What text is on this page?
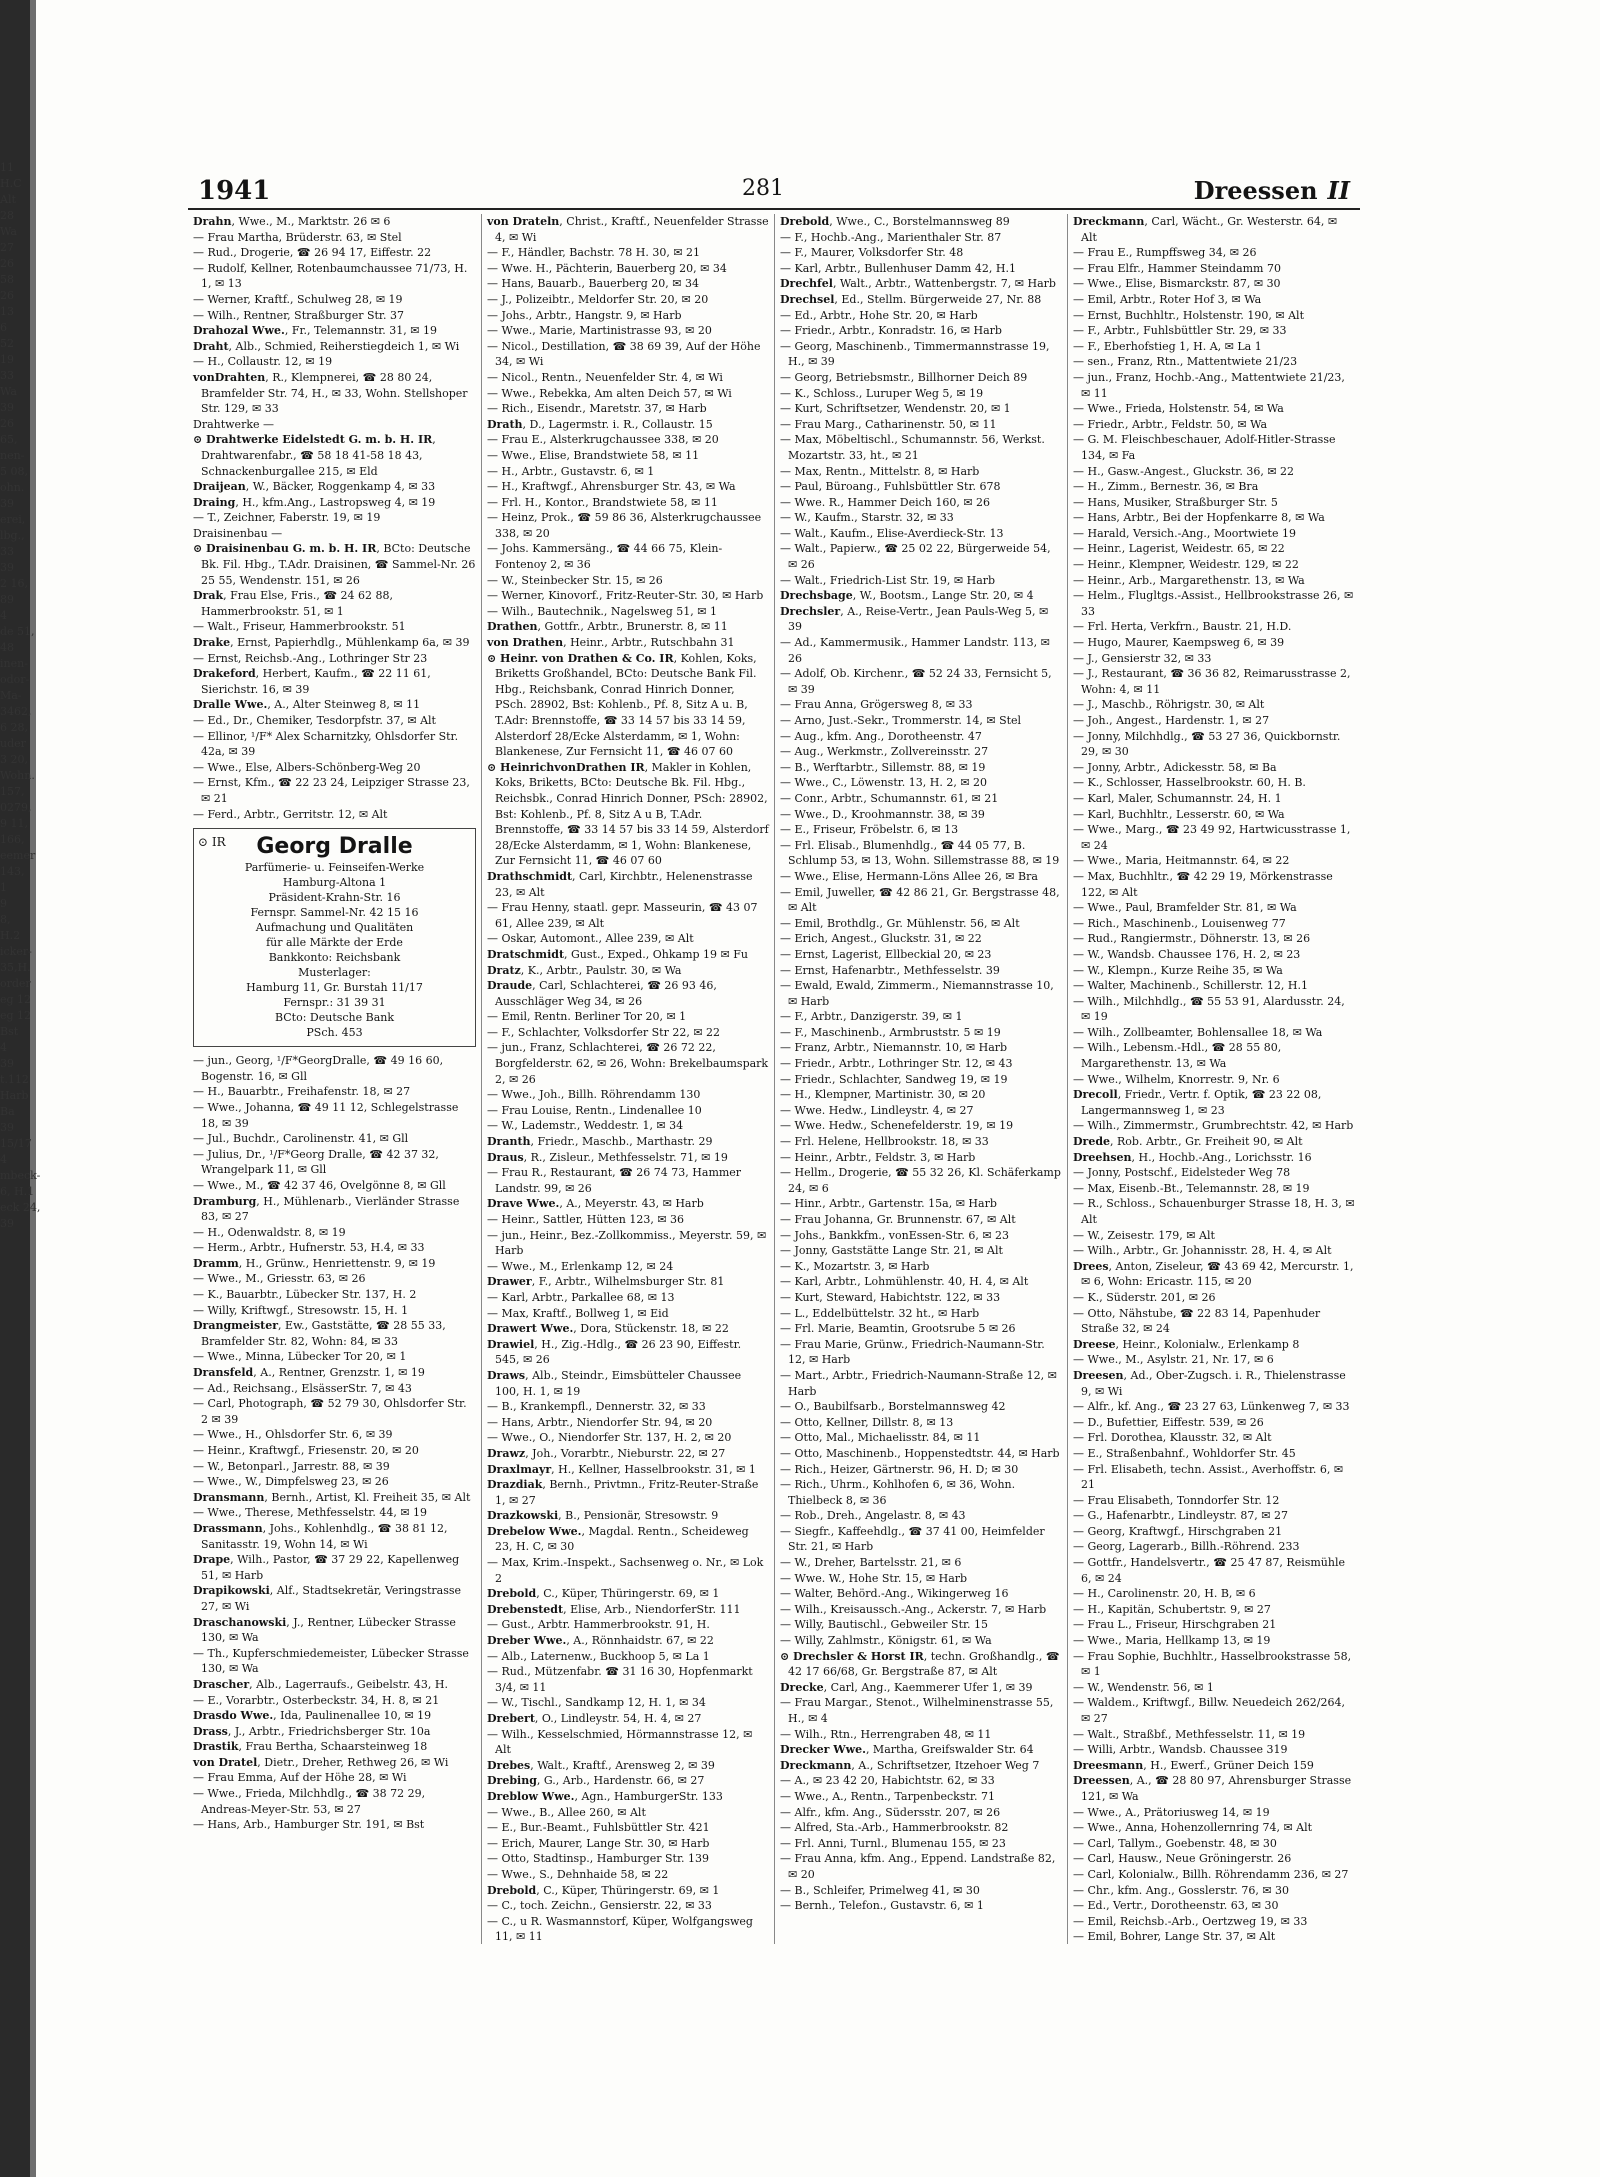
11
H.C
Alt
28
Wa
27
26
58
26
13
6
52
19
33
Wa
39
26
65,
nen-
5 08,
ohn.
39
erei,
lbg.,
33
39
2 16,
89
4
de 51,
48
inen-
odor-
Ma-
3462,
6 28,
uder
3 20,
Wohn.
157,
0279,
9 11,
166,
eemer
143,
1
9
8,
H.2
icker-
35,H.
order
eg 12
eg 12
Bst
4
39
t.112
Harb
Ba
39
15/17
4
mbeck-
6, H.1
eck 24,
39
1941	281	Dreessen II

Drahn, Wwe., M., Marktstr. 26 ✉ 6

— Frau Martha, Brüderstr. 63, ✉ Stel

— Rud., Drogerie, ☎ 26 94 17, Eiffestr. 22

— Rudolf, Kellner, Rotenbaumchaussee 71/73, H. 1, ✉ 13

— Werner, Kraftf., Schulweg 28, ✉ 19

— Wilh., Rentner, Straßburger Str. 37

Drahozal Wwe., Fr., Telemannstr. 31, ✉ 19

Draht, Alb., Schmied, Reiherstiegdeich 1, ✉ Wi

— H., Collaustr. 12, ✉ 19

vonDrahten, R., Klempnerei, ☎ 28 80 24, Bramfelder Str. 74, H., ✉ 33, Wohn. Stellshoper Str. 129, ✉ 33

Drahtwerke —

⊙ Drahtwerke Eidelstedt G. m. b. H. IR, Drahtwarenfabr., ☎ 58 18 41-58 18 43, Schnackenburgallee 215, ✉ Eld

Draijean, W., Bäcker, Roggenkamp 4, ✉ 33

Draing, H., kfm.Ang., Lastropsweg 4, ✉ 19

— T., Zeichner, Faberstr. 19, ✉ 19

Draisinenbau —

⊙ Draisinenbau G. m. b. H. IR, BCto: Deutsche Bk. Fil. Hbg., T.Adr. Draisinen, ☎ Sammel-Nr. 26 25 55, Wendenstr. 151, ✉ 26

Drak, Frau Else, Fris., ☎ 24 62 88, Hammerbrookstr. 51, ✉ 1

— Walt., Friseur, Hammerbrookstr. 51

Drake, Ernst, Papierhdlg., Mühlenkamp 6a, ✉ 39

— Ernst, Reichsb.-Ang., Lothringer Str 23

Drakeford, Herbert, Kaufm., ☎ 22 11 61, Sierichstr. 16, ✉ 39

Dralle Wwe., A., Alter Steinweg 8, ✉ 11

— Ed., Dr., Chemiker, Tesdorpfstr. 37, ✉ Alt

— Ellinor, ¹/F* Alex Scharnitzky, Ohlsdorfer Str. 42a, ✉ 39

— Wwe., Else, Albers-Schönberg-Weg 20

— Ernst, Kfm., ☎ 22 23 24, Leipziger Strasse 23, ✉ 21

— Ferd., Arbtr., Gerritstr. 12, ✉ Alt

⊙ IR	Georg Dralle
Parfümerie- u. Feinseifen-Werke
Hamburg-Altona 1
Präsident-Krahn-Str. 16
Fernspr. Sammel-Nr. 42 15 16
Aufmachung und Qualitäten
für alle Märkte der Erde
Bankkonto: Reichsbank
Musterlager:
Hamburg 11, Gr. Burstah 11/17
Fernspr.: 31 39 31
BCto: Deutsche Bank
PSch. 453

— jun., Georg, ¹/F*GeorgDralle, ☎ 49 16 60, Bogenstr. 16, ✉ Gll

— H., Bauarbtr., Freihafenstr. 18, ✉ 27

— Wwe., Johanna, ☎ 49 11 12, Schlegelstrasse 18, ✉ 39

— Jul., Buchdr., Carolinenstr. 41, ✉ Gll

— Julius, Dr., ¹/F*Georg Dralle, ☎ 42 37 32, Wrangelpark 11, ✉ Gll

— Wwe., M., ☎ 42 37 46, Ovelgönne 8, ✉ Gll

Dramburg, H., Mühlenarb., Vierländer Strasse 83, ✉ 27

— H., Odenwaldstr. 8, ✉ 19

— Herm., Arbtr., Hufnerstr. 53, H.4, ✉ 33

Dramm, H., Grünw., Henriettenstr. 9, ✉ 19

— Wwe., M., Griesstr. 63, ✉ 26

— K., Bauarbtr., Lübecker Str. 137, H. 2

— Willy, Kriftwgf., Stresowstr. 15, H. 1

Drangmeister, Ew., Gaststätte, ☎ 28 55 33, Bramfelder Str. 82, Wohn: 84, ✉ 33

— Wwe., Minna, Lübecker Tor 20, ✉ 1

Dransfeld, A., Rentner, Grenzstr. 1, ✉ 19

— Ad., Reichsang., ElsässerStr. 7, ✉ 43

— Carl, Photograph, ☎ 52 79 30, Ohlsdorfer Str. 2 ✉ 39

— Wwe., H., Ohlsdorfer Str. 6, ✉ 39

— Heinr., Kraftwgf., Friesenstr. 20, ✉ 20

— W., Betonparl., Jarrestr. 88, ✉ 39

— Wwe., W., Dimpfelsweg 23, ✉ 26

Dransmann, Bernh., Artist, Kl. Freiheit 35, ✉ Alt

— Wwe., Therese, Methfesselstr. 44, ✉ 19

Drassmann, Johs., Kohlenhdlg., ☎ 38 81 12, Sanitasstr. 19, Wohn 14, ✉ Wi

Drape, Wilh., Pastor, ☎ 37 29 22, Kapellenweg 51, ✉ Harb

Drapikowski, Alf., Stadtsekretär, Veringstrasse 27, ✉ Wi

Draschanowski, J., Rentner, Lübecker Strasse 130, ✉ Wa

— Th., Kupferschmiedemeister, Lübecker Strasse 130, ✉ Wa

Drascher, Alb., Lagerraufs., Geibelstr. 43, H.

— E., Vorarbtr., Osterbeckstr. 34, H. 8, ✉ 21

Drasdo Wwe., Ida, Paulinenallee 10, ✉ 19

Drass, J., Arbtr., Friedrichsberger Str. 10a

Drastik, Frau Bertha, Schaarsteinweg 18

von Dratel, Dietr., Dreher, Rethweg 26, ✉ Wi

— Frau Emma, Auf der Höhe 28, ✉ Wi

— Wwe., Frieda, Milchhdlg., ☎ 38 72 29, Andreas-Meyer-Str. 53, ✉ 27

— Hans, Arb., Hamburger Str. 191, ✉ Bst

von Drateln, Christ., Kraftf., Neuenfelder Strasse 4, ✉ Wi

— F., Händler, Bachstr. 78 H. 30, ✉ 21

— Wwe. H., Pächterin, Bauerberg 20, ✉ 34

— Hans, Bauarb., Bauerberg 20, ✉ 34

— J., Polizeibtr., Meldorfer Str. 20, ✉ 20

— Johs., Arbtr., Hangstr. 9, ✉ Harb

— Wwe., Marie, Martinistrasse 93, ✉ 20

— Nicol., Destillation, ☎ 38 69 39, Auf der Höhe 34, ✉ Wi

— Nicol., Rentn., Neuenfelder Str. 4, ✉ Wi

— Wwe., Rebekka, Am alten Deich 57, ✉ Wi

— Rich., Eisendr., Maretstr. 37, ✉ Harb

Drath, D., Lagermstr. i. R., Collaustr. 15

— Frau E., Alsterkrugchaussee 338, ✉ 20

— Wwe., Elise, Brandstwiete 58, ✉ 11

— H., Arbtr., Gustavstr. 6, ✉ 1

— H., Kraftwgf., Ahrensburger Str. 43, ✉ Wa

— Frl. H., Kontor., Brandstwiete 58, ✉ 11

— Heinz, Prok., ☎ 59 86 36, Alsterkrugchaussee 338, ✉ 20

— Johs. Kammersäng., ☎ 44 66 75, Klein-Fontenoy 2, ✉ 36

— W., Steinbecker Str. 15, ✉ 26

— Werner, Kinovorf., Fritz-Reuter-Str. 30, ✉ Harb

— Wilh., Bautechnik., Nagelsweg 51, ✉ 1

Drathen, Gottfr., Arbtr., Brunerstr. 8, ✉ 11

von Drathen, Heinr., Arbtr., Rutschbahn 31

⊙ Heinr. von Drathen & Co. IR, Kohlen, Koks, Briketts Großhandel, BCto: Deutsche Bank Fil. Hbg., Reichsbank, Conrad Hinrich Donner, PSch. 28902, Bst: Kohlenb., Pf. 8, Sitz A u. B, T.Adr: Brennstoffe, ☎ 33 14 57 bis 33 14 59, Alsterdorf 28/Ecke Alsterdamm, ✉ 1, Wohn: Blankenese, Zur Fernsicht 11, ☎ 46 07 60

⊙ HeinrichvonDrathen IR, Makler in Kohlen, Koks, Briketts, BCto: Deutsche Bk. Fil. Hbg., Reichsbk., Conrad Hinrich Donner, PSch: 28902, Bst: Kohlenb., Pf. 8, Sitz A u B, T.Adr. Brennstoffe, ☎ 33 14 57 bis 33 14 59, Alsterdorf 28/Ecke Alsterdamm, ✉ 1, Wohn: Blankenese, Zur Fernsicht 11, ☎ 46 07 60

Drathschmidt, Carl, Kirchbtr., Helenenstrasse 23, ✉ Alt

— Frau Henny, staatl. gepr. Masseurin, ☎ 43 07 61, Allee 239, ✉ Alt

— Oskar, Automont., Allee 239, ✉ Alt

Dratschmidt, Gust., Exped., Ohkamp 19 ✉ Fu

Dratz, K., Arbtr., Paulstr. 30, ✉ Wa

Draude, Carl, Schlachterei, ☎ 26 93 46, Ausschläger Weg 34, ✉ 26

— Emil, Rentn. Berliner Tor 20, ✉ 1

— F., Schlachter, Volksdorfer Str 22, ✉ 22

— jun., Franz, Schlachterei, ☎ 26 72 22, Borgfelderstr. 62, ✉ 26, Wohn: Brekelbaumspark 2, ✉ 26

— Wwe., Joh., Billh. Röhrendamm 130

— Frau Louise, Rentn., Lindenallee 10

— W., Lademstr., Weddestr. 1, ✉ 34

Dranth, Friedr., Maschb., Marthastr. 29

Draus, R., Zisleur., Methfesselstr. 71, ✉ 19

— Frau R., Restaurant, ☎ 26 74 73, Hammer Landstr. 99, ✉ 26

Drave Wwe., A., Meyerstr. 43, ✉ Harb

— Heinr., Sattler, Hütten 123, ✉ 36

— jun., Heinr., Bez.-Zollkommiss., Meyerstr. 59, ✉ Harb

— Wwe., M., Erlenkamp 12, ✉ 24

Drawer, F., Arbtr., Wilhelmsburger Str. 81

— Karl, Arbtr., Parkallee 68, ✉ 13

— Max, Kraftf., Bollweg 1, ✉ Eid

Drawert Wwe., Dora, Stückenstr. 18, ✉ 22

Drawiel, H., Zig.-Hdlg., ☎ 26 23 90, Eiffestr. 545, ✉ 26

Draws, Alb., Steindr., Eimsbütteler Chaussee 100, H. 1, ✉ 19

— B., Krankempfl., Dennerstr. 32, ✉ 33

— Hans, Arbtr., Niendorfer Str. 94, ✉ 20

— Wwe., O., Niendorfer Str. 137, H. 2, ✉ 20

Drawz, Joh., Vorarbtr., Nieburstr. 22, ✉ 27

Draxlmayr, H., Kellner, Hasselbrookstr. 31, ✉ 1

Drazdiak, Bernh., Privtmn., Fritz-Reuter-Straße 1, ✉ 27

Drazkowski, B., Pensionär, Stresowstr. 9

Drebelow Wwe., Magdal. Rentn., Scheideweg 23, H. C, ✉ 30

— Max, Krim.-Inspekt., Sachsenweg o. Nr., ✉ Lok 2

Drebold, C., Küper, Thüringerstr. 69, ✉ 1

Drebenstedt, Elise, Arb., NiendorferStr. 111

— Gust., Arbtr. Hammerbrookstr. 91, H.

Dreber Wwe., A., Rönnhaidstr. 67, ✉ 22

— Alb., Laternenw., Buckhoop 5, ✉ La 1

— Rud., Mützenfabr. ☎ 31 16 30, Hopfenmarkt 3/4, ✉ 11

— W., Tischl., Sandkamp 12, H. 1, ✉ 34

Drebert, O., Lindleystr. 54, H. 4, ✉ 27

— Wilh., Kesselschmied, Hörmannstrasse 12, ✉ Alt

Drebes, Walt., Kraftf., Arensweg 2, ✉ 39

Drebing, G., Arb., Hardenstr. 66, ✉ 27

Dreblow Wwe., Agn., HamburgerStr. 133

— Wwe., B., Allee 260, ✉ Alt

— E., Bur.-Beamt., Fuhlsbüttler Str. 421

— Erich, Maurer, Lange Str. 30, ✉ Harb

— Otto, Stadtinsp., Hamburger Str. 139

— Wwe., S., Dehnhaide 58, ✉ 22

Drebold, C., Küper, Thüringerstr. 69, ✉ 1

— C., toch. Zeichn., Gensierstr. 22, ✉ 33

— C., u R. Wasmannstorf, Küper, Wolfgangsweg 11, ✉ 11

Drebold, Wwe., C., Borstelmannsweg 89

— F., Hochb.-Ang., Marienthaler Str. 87

— F., Maurer, Volksdorfer Str. 48

— Karl, Arbtr., Bullenhuser Damm 42, H.1

Drechfel, Walt., Arbtr., Wattenbergstr. 7, ✉ Harb

Drechsel, Ed., Stellm. Bürgerweide 27, Nr. 88

— Ed., Arbtr., Hohe Str. 20, ✉ Harb

— Friedr., Arbtr., Konradstr. 16, ✉ Harb

— Georg, Maschinenb., Timmermannstrasse 19, H., ✉ 39

— Georg, Betriebsmstr., Billhorner Deich 89

— K., Schloss., Luruper Weg 5, ✉ 19

— Kurt, Schriftsetzer, Wendenstr. 20, ✉ 1

— Frau Marg., Catharinenstr. 50, ✉ 11

— Max, Möbeltischl., Schumannstr. 56, Werkst. Mozartstr. 33, ht., ✉ 21

— Max, Rentn., Mittelstr. 8, ✉ Harb

— Paul, Büroang., Fuhlsbüttler Str. 678

— Wwe. R., Hammer Deich 160, ✉ 26

— W., Kaufm., Starstr. 32, ✉ 33

— Walt., Kaufm., Elise-Averdieck-Str. 13

— Walt., Papierw., ☎ 25 02 22, Bürgerweide 54, ✉ 26

— Walt., Friedrich-List Str. 19, ✉ Harb

Drechsbage, W., Bootsm., Lange Str. 20, ✉ 4

Drechsler, A., Reise-Vertr., Jean Pauls-Weg 5, ✉ 39

— Ad., Kammermusik., Hammer Landstr. 113, ✉ 26

— Adolf, Ob. Kirchenr., ☎ 52 24 33, Fernsicht 5, ✉ 39

— Frau Anna, Grögersweg 8, ✉ 33

— Arno, Just.-Sekr., Trommerstr. 14, ✉ Stel

— Aug., kfm. Ang., Dorotheenstr. 47

— Aug., Werkmstr., Zollvereinsstr. 27

— B., Werftarbtr., Sillemstr. 88, ✉ 19

— Wwe., C., Löwenstr. 13, H. 2, ✉ 20

— Conr., Arbtr., Schumannstr. 61, ✉ 21

— Wwe., D., Kroohmannstr. 38, ✉ 39

— E., Friseur, Fröbelstr. 6, ✉ 13

— Frl. Elisab., Blumenhdlg., ☎ 44 05 77, B. Schlump 53, ✉ 13, Wohn. Sillemstrasse 88, ✉ 19

— Wwe., Elise, Hermann-Löns Allee 26, ✉ Bra

— Emil, Juweller, ☎ 42 86 21, Gr. Bergstrasse 48, ✉ Alt

— Emil, Brothdlg., Gr. Mühlenstr. 56, ✉ Alt

— Erich, Angest., Gluckstr. 31, ✉ 22

— Ernst, Lagerist, Ellbeckial 20, ✉ 23

— Ernst, Hafenarbtr., Methfesselstr. 39

— Ewald, Ewald, Zimmerm., Niemannstrasse 10, ✉ Harb

— F., Arbtr., Danzigerstr. 39, ✉ 1

— F., Maschinenb., Armbruststr. 5 ✉ 19

— Franz, Arbtr., Niemannstr. 10, ✉ Harb

— Friedr., Arbtr., Lothringer Str. 12, ✉ 43

— Friedr., Schlachter, Sandweg 19, ✉ 19

— H., Klempner, Martinistr. 30, ✉ 20

— Wwe. Hedw., Lindleystr. 4, ✉ 27

— Wwe. Hedw., Schenefelderstr. 19, ✉ 19

— Frl. Helene, Hellbrookstr. 18, ✉ 33

— Heinr., Arbtr., Feldstr. 3, ✉ Harb

— Hellm., Drogerie, ☎ 55 32 26, Kl. Schäferkamp 24, ✉ 6

— Hinr., Arbtr., Gartenstr. 15a, ✉ Harb

— Frau Johanna, Gr. Brunnenstr. 67, ✉ Alt

— Johs., Bankkfm., vonEssen-Str. 6, ✉ 23

— Jonny, Gaststätte Lange Str. 21, ✉ Alt

— K., Mozartstr. 3, ✉ Harb

— Karl, Arbtr., Lohmühlenstr. 40, H. 4, ✉ Alt

— Kurt, Steward, Habichtstr. 122, ✉ 33

— L., Eddelbüttelstr. 32 ht., ✉ Harb

— Frl. Marie, Beamtin, Grootsrube 5 ✉ 26

— Frau Marie, Grünw., Friedrich-Naumann-Str. 12, ✉ Harb

— Mart., Arbtr., Friedrich-Naumann-Straße 12, ✉ Harb

— O., Baubilfsarb., Borstelmannsweg 42

— Otto, Kellner, Dillstr. 8, ✉ 13

— Otto, Mal., Michaelisstr. 84, ✉ 11

— Otto, Maschinenb., Hoppenstedtstr. 44, ✉ Harb

— Rich., Heizer, Gärtnerstr. 96, H. D; ✉ 30

— Rich., Uhrm., Kohlhofen 6, ✉ 36, Wohn. Thielbeck 8, ✉ 36

— Rob., Dreh., Angelastr. 8, ✉ 43

— Siegfr., Kaffeehdlg., ☎ 37 41 00, Heimfelder Str. 21, ✉ Harb

— W., Dreher, Bartelsstr. 21, ✉ 6

— Wwe. W., Hohe Str. 15, ✉ Harb

— Walter, Behörd.-Ang., Wikingerweg 16

— Wilh., Kreisaussch.-Ang., Ackerstr. 7, ✉ Harb

— Willy, Bautischl., Gebweiler Str. 15

— Willy, Zahlmstr., Königstr. 61, ✉ Wa

⊙ Drechsler & Horst IR, techn. Großhandlg., ☎ 42 17 66/68, Gr. Bergstraße 87, ✉ Alt

Drecke, Carl, Ang., Kaemmerer Ufer 1, ✉ 39

— Frau Margar., Stenot., Wilhelminenstrasse 55, H., ✉ 4

— Wilh., Rtn., Herrengraben 48, ✉ 11

Drecker Wwe., Martha, Greifswalder Str. 64

Dreckmann, A., Schriftsetzer, Itzehoer Weg 7

— A., ✉ 23 42 20, Habichtstr. 62, ✉ 33

— Wwe., A., Rentn., Tarpenbeckstr. 71

— Alfr., kfm. Ang., Südersstr. 207, ✉ 26

— Alfred, Sta.-Arb., Hammerbrookstr. 82

— Frl. Anni, Turnl., Blumenau 155, ✉ 23

— Frau Anna, kfm. Ang., Eppend. Landstraße 82, ✉ 20

— B., Schleifer, Primelweg 41, ✉ 30

— Bernh., Telefon., Gustavstr. 6, ✉ 1

Dreckmann, Carl, Wächt., Gr. Westerstr. 64, ✉ Alt

— Frau E., Rumpffsweg 34, ✉ 26

— Frau Elfr., Hammer Steindamm 70

— Wwe., Elise, Bismarckstr. 87, ✉ 30

— Emil, Arbtr., Roter Hof 3, ✉ Wa

— Ernst, Buchhltr., Holstenstr. 190, ✉ Alt

— F., Arbtr., Fuhlsbüttler Str. 29, ✉ 33

— F., Eberhofstieg 1, H. A, ✉ La 1

— sen., Franz, Rtn., Mattentwiete 21/23

— jun., Franz, Hochb.-Ang., Mattentwiete 21/23, ✉ 11

— Wwe., Frieda, Holstenstr. 54, ✉ Wa

— Friedr., Arbtr., Feldstr. 50, ✉ Wa

— G. M. Fleischbeschauer, Adolf-Hitler-Strasse 134, ✉ Fa

— H., Gasw.-Angest., Gluckstr. 36, ✉ 22

— H., Zimm., Bernestr. 36, ✉ Bra

— Hans, Musiker, Straßburger Str. 5

— Hans, Arbtr., Bei der Hopfenkarre 8, ✉ Wa

— Harald, Versich.-Ang., Moortwiete 19

— Heinr., Lagerist, Weidestr. 65, ✉ 22

— Heinr., Klempner, Weidestr. 129, ✉ 22

— Heinr., Arb., Margarethenstr. 13, ✉ Wa

— Helm., Flugltgs.-Assist., Hellbrookstrasse 26, ✉ 33

— Frl. Herta, Verkfrn., Baustr. 21, H.D.

— Hugo, Maurer, Kaempsweg 6, ✉ 39

— J., Gensierstr 32, ✉ 33

— J., Restaurant, ☎ 36 36 82, Reimarusstrasse 2, Wohn: 4, ✉ 11

— J., Maschb., Röhrigstr. 30, ✉ Alt

— Joh., Angest., Hardenstr. 1, ✉ 27

— Jonny, Milchhdlg., ☎ 53 27 36, Quickbornstr. 29, ✉ 30

— Jonny, Arbtr., Adickesstr. 58, ✉ Ba

— K., Schlosser, Hasselbrookstr. 60, H. B.

— Karl, Maler, Schumannstr. 24, H. 1

— Karl, Buchhltr., Lesserstr. 60, ✉ Wa

— Wwe., Marg., ☎ 23 49 92, Hartwicusstrasse 1, ✉ 24

— Wwe., Maria, Heitmannstr. 64, ✉ 22

— Max, Buchhltr., ☎ 42 29 19, Mörkenstrasse 122, ✉ Alt

— Wwe., Paul, Bramfelder Str. 81, ✉ Wa

— Rich., Maschinenb., Louisenweg 77

— Rud., Rangiermstr., Döhnerstr. 13, ✉ 26

— W., Wandsb. Chaussee 176, H. 2, ✉ 23

— W., Klempn., Kurze Reihe 35, ✉ Wa

— Walter, Machinenb., Schillerstr. 12, H.1

— Wilh., Milchhdlg., ☎ 55 53 91, Alardusstr. 24, ✉ 19

— Wilh., Zollbeamter, Bohlensallee 18, ✉ Wa

— Wilh., Lebensm.-Hdl., ☎ 28 55 80, Margarethenstr. 13, ✉ Wa

— Wwe., Wilhelm, Knorrestr. 9, Nr. 6

Drecoll, Friedr., Vertr. f. Optik, ☎ 23 22 08, Langermannsweg 1, ✉ 23

— Wilh., Zimmermstr., Grumbrechtstr. 42, ✉ Harb

Drede, Rob. Arbtr., Gr. Freiheit 90, ✉ Alt

Dreehsen, H., Hochb.-Ang., Lorichsstr. 16

— Jonny, Postschf., Eidelsteder Weg 78

— Max, Eisenb.-Bt., Telemannstr. 28, ✉ 19

— R., Schloss., Schauenburger Strasse 18, H. 3, ✉ Alt

— W., Zeisestr. 179, ✉ Alt

— Wilh., Arbtr., Gr. Johannisstr. 28, H. 4, ✉ Alt

Drees, Anton, Ziseleur, ☎ 43 69 42, Mercurstr. 1, ✉ 6, Wohn: Ericastr. 115, ✉ 20

— K., Süderstr. 201, ✉ 26

— Otto, Nähstube, ☎ 22 83 14, Papenhuder Straße 32, ✉ 24

Dreese, Heinr., Kolonialw., Erlenkamp 8

— Wwe., M., Asylstr. 21, Nr. 17, ✉ 6

Dreesen, Ad., Ober-Zugsch. i. R., Thielenstrasse 9, ✉ Wi

— Alfr., kf. Ang., ☎ 23 27 63, Lünkenweg 7, ✉ 33

— D., Bufettier, Eiffestr. 539, ✉ 26

— Frl. Dorothea, Klausstr. 32, ✉ Alt

— E., Straßenbahnf., Wohldorfer Str. 45

— Frl. Elisabeth, techn. Assist., Averhoffstr. 6, ✉ 21

— Frau Elisabeth, Tonndorfer Str. 12

— G., Hafenarbtr., Lindleystr. 87, ✉ 27

— Georg, Kraftwgf., Hirschgraben 21

— Georg, Lagerarb., Billh.-Röhrend. 233

— Gottfr., Handelsvertr., ☎ 25 47 87, Reismühle 6, ✉ 24

— H., Carolinenstr. 20, H. B, ✉ 6

— H., Kapitän, Schubertstr. 9, ✉ 27

— Frau L., Friseur, Hirschgraben 21

— Wwe., Maria, Hellkamp 13, ✉ 19

— Frau Sophie, Buchhltr., Hasselbrookstrasse 58, ✉ 1

— W., Wendenstr. 56, ✉ 1

— Waldem., Kriftwgf., Billw. Neuedeich 262/264, ✉ 27

— Walt., Straßbf., Methfesselstr. 11, ✉ 19

— Willi, Arbtr., Wandsb. Chaussee 319

Dreesmann, H., Ewerf., Grüner Deich 159

Dreessen, A., ☎ 28 80 97, Ahrensburger Strasse 121, ✉ Wa

— Wwe., A., Prätoriusweg 14, ✉ 19

— Wwe., Anna, Hohenzollernring 74, ✉ Alt

— Carl, Tallym., Goebenstr. 48, ✉ 30

— Carl, Hausw., Neue Gröningerstr. 26

— Carl, Kolonialw., Billh. Röhrendamm 236, ✉ 27

— Chr., kfm. Ang., Gosslerstr. 76, ✉ 30

— Ed., Vertr., Dorotheenstr. 63, ✉ 30

— Emil, Reichsb.-Arb., Oertzweg 19, ✉ 33

— Emil, Bohrer, Lange Str. 37, ✉ Alt
